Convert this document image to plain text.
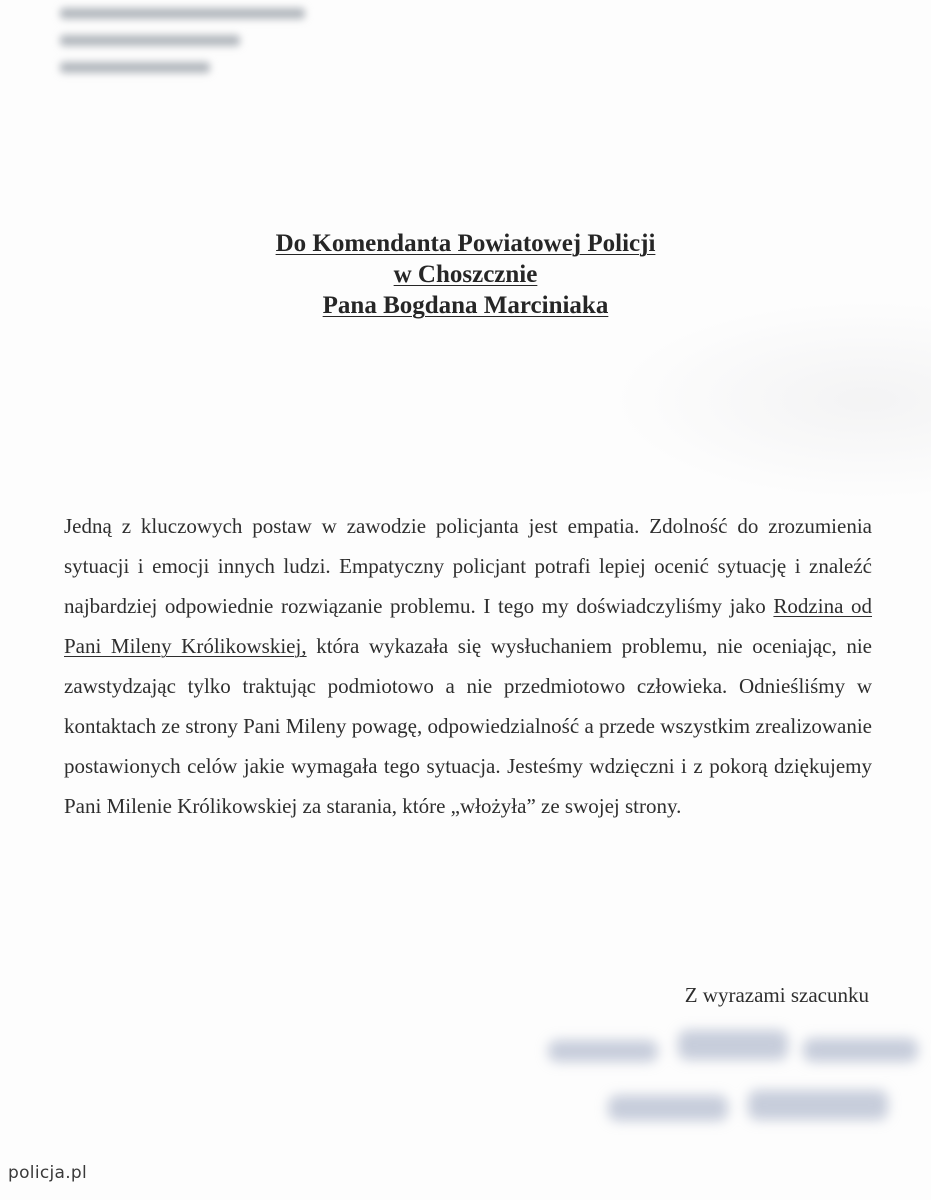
Do Komendanta Powiatowej Policji
w Choszcznie
Pana Bogdana Marciniaka
Jedną z kluczowych postaw w zawodzie policjanta jest empatia. Zdolność do zrozumienia sytuacji i emocji innych ludzi. Empatyczny policjant potrafi lepiej ocenić sytuację i znaleźć najbardziej odpowiednie rozwiązanie problemu. I tego my doświadczyliśmy jako Rodzina od Pani Mileny Królikowskiej, która wykazała się wysłuchaniem problemu, nie oceniając, nie zawstydzając tylko traktując podmiotowo a nie przedmiotowo człowieka. Odnieśliśmy w kontaktach ze strony Pani Mileny powagę, odpowiedzialność a przede wszystkim zrealizowanie postawionych celów jakie wymagała tego sytuacja. Jesteśmy wdzięczni i z pokorą dziękujemy Pani Milenie Królikowskiej za starania, które „włożyła” ze swojej strony.
Z wyrazami szacunku
policja.pl
